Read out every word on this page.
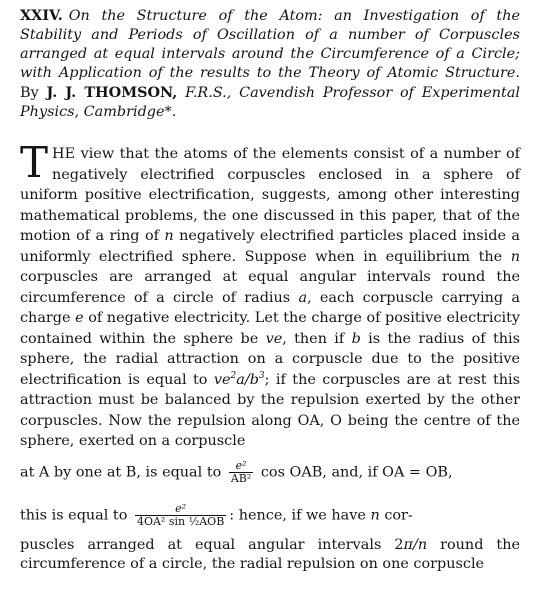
XXIV. On the Structure of the Atom: an Investigation of the Stability and Periods of Oscillation of a number of Corpuscles arranged at equal intervals around the Circumference of a Circle; with Application of the results to the Theory of Atomic Structure. By J. J. THOMSON, F.R.S., Cavendish Professor of Experimental Physics, Cambridge*.
THE view that the atoms of the elements consist of a number of negatively electrified corpuscles enclosed in a sphere of uniform positive electrification, suggests, among other interesting mathematical problems, the one discussed in this paper, that of the motion of a ring of n negatively electrified particles placed inside a uniformly electrified sphere. Suppose when in equilibrium the n corpuscles are arranged at equal angular intervals round the circumference of a circle of radius a, each corpuscle carrying a charge e of negative electricity. Let the charge of positive electricity contained within the sphere be ve, then if b is the radius of this sphere, the radial attraction on a corpuscle due to the positive electrification is equal to $ve^2a/b^3$; if the corpuscles are at rest this attraction must be balanced by the repulsion exerted by the other corpuscles. Now the repulsion along OA, O being the centre of the sphere, exerted on a corpuscle
at A by one at B, is equal to $\frac{\text{e²}}{\text{AB²}}$ cos OAB, and, if OA = OB,
this is equal to $\frac{\text{e²}}{\text{4OA² sin ½AOB}}$ : hence, if we have n cor-
puscles arranged at equal angular intervals 2π/n round the circumference of a circle, the radial repulsion on one corpuscle
